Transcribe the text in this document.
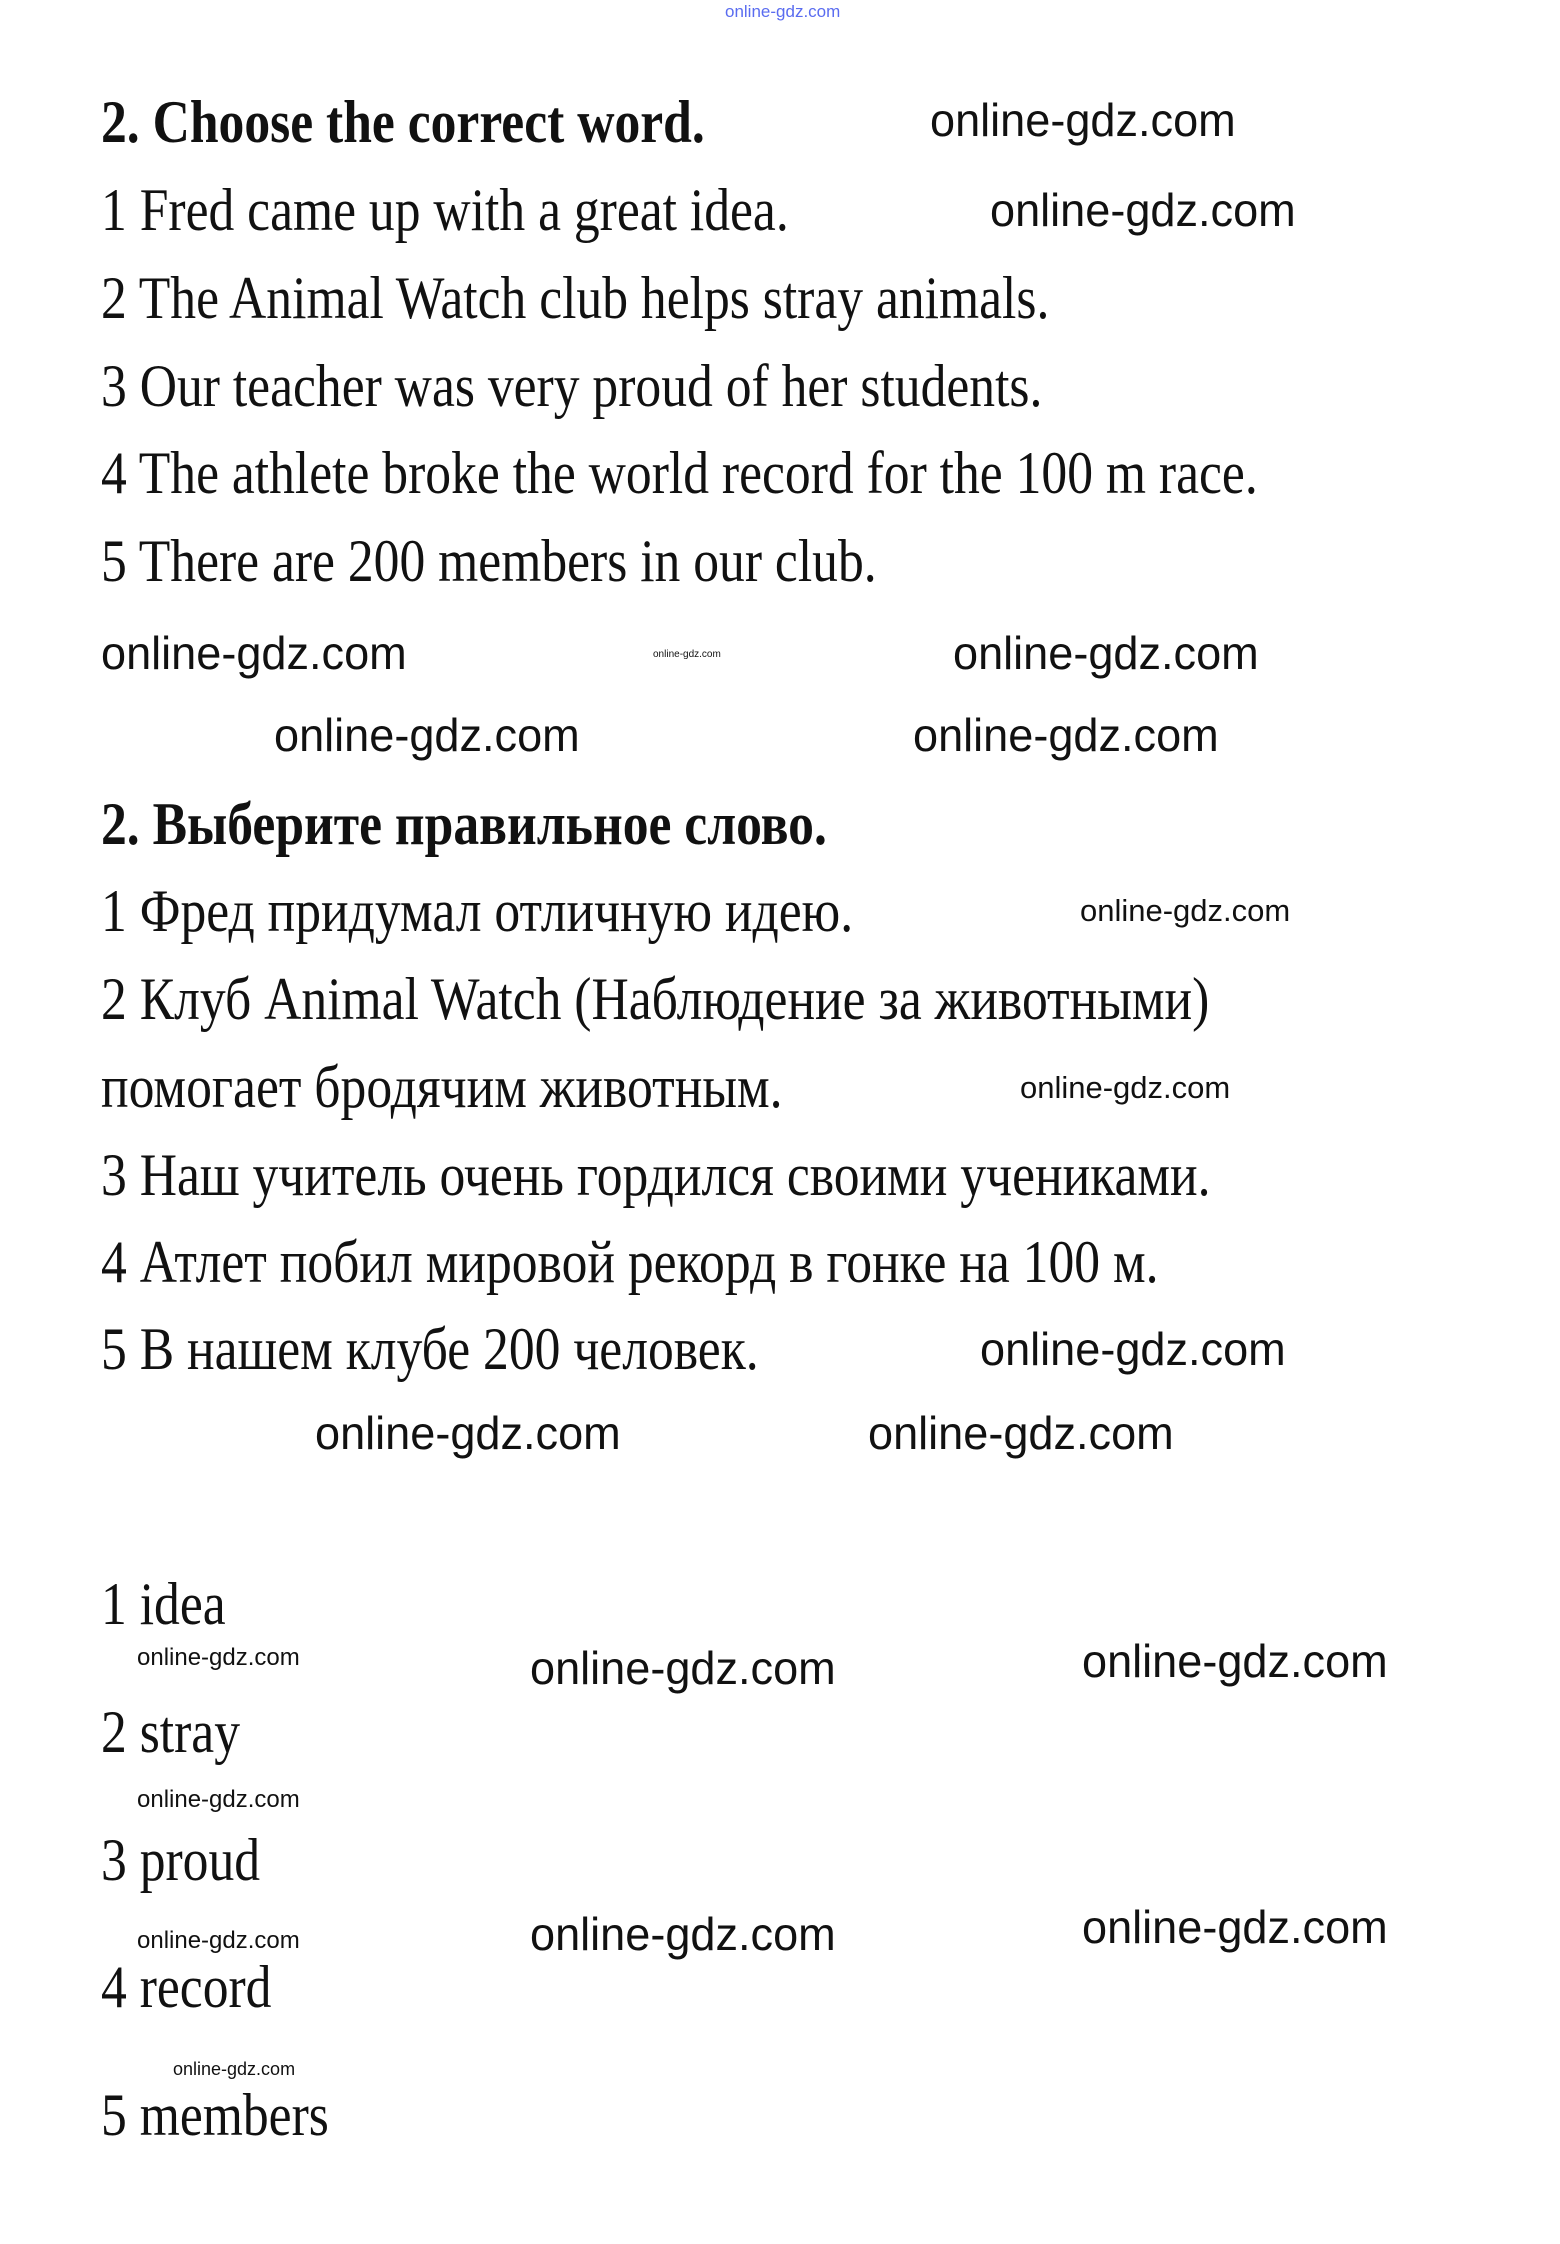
online-gdz.com
2. Choose the correct word.
1 Fred came up with a great idea.
2 The Animal Watch club helps stray animals.
3 Our teacher was very proud of her students.
4 The athlete broke the world record for the 100 m race.
5 There are 200 members in our club.
2. Выберите правильное слово.
1 Фред придумал отличную идею.
2 Клуб Animal Watch (Наблюдение за животными)
помогает бродячим животным.
3 Наш учитель очень гордился своими учениками.
4 Атлет побил мировой рекорд в гонке на 100 м.
5 В нашем клубе 200 человек.
1 idea
2 stray
3 proud
4 record
5 members
online-gdz.com
online-gdz.com
online-gdz.com	online-gdz.com	online-gdz.com
online-gdz.com	online-gdz.com
online-gdz.com
online-gdz.com
online-gdz.com
online-gdz.com	online-gdz.com
online-gdz.com	online-gdz.com	online-gdz.com
online-gdz.com
online-gdz.com	online-gdz.com	online-gdz.com
online-gdz.com
